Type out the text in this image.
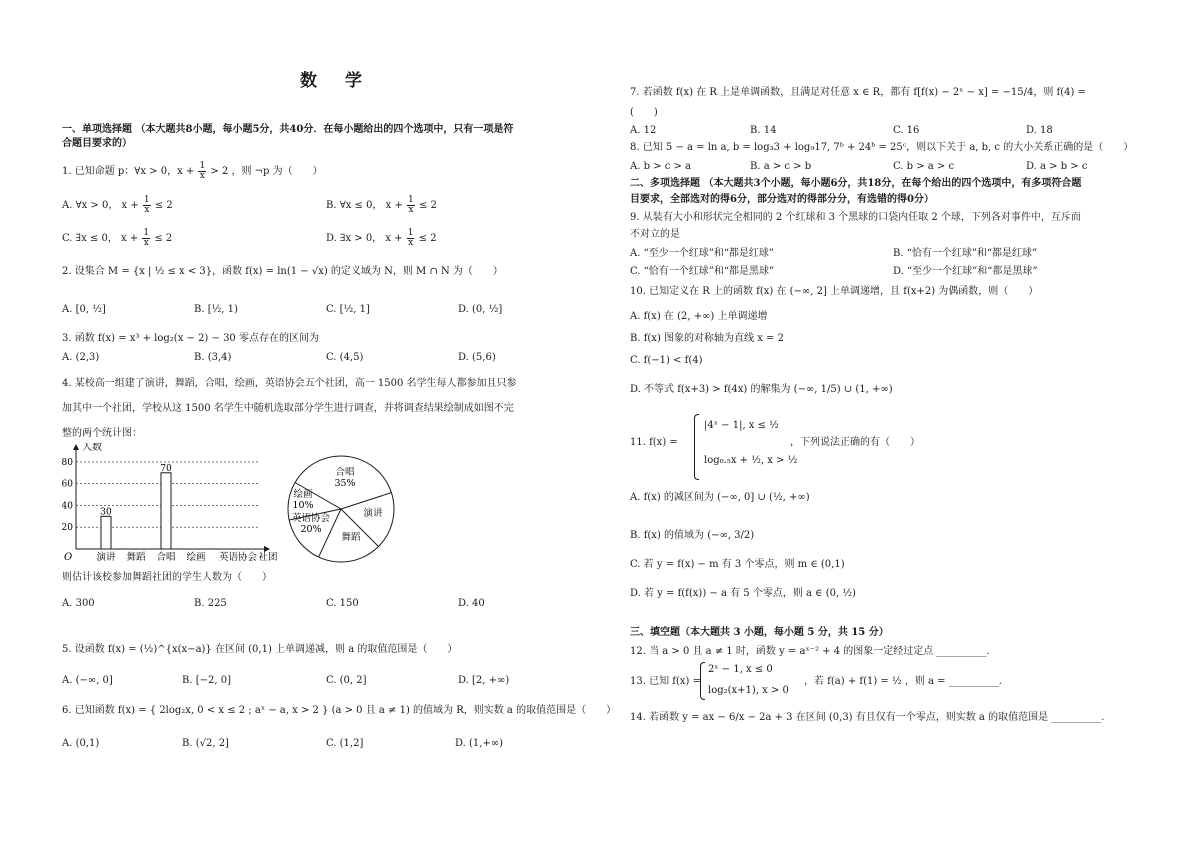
数学
一、单项选择题 （本大题共8小题，每小题5分，共40分．在每小题给出的四个选项中，只有一项是符
合题目要求的）
1. 已知命题 p：∀x > 0，$x + \frac{1}{x} > 2$ ，则 ¬p 为（　　）
A. ∀x > 0， $x + \frac{1}{x} \le 2$	B. ∀x ≤ 0， $x + \frac{1}{x} \le 2$
C. ∃x ≤ 0， $x + \frac{1}{x} \le 2$	D. ∃x > 0， $x + \frac{1}{x} \le 2$
2. 设集合 M = {x | ½ ≤ x < 3}，函数 f(x) = ln(1 − √x) 的定义域为 N，则 M ∩ N 为（　　）
A. [0, ½]	B. [½, 1)	C. [½, 1]	D. (0, ½]
3. 函数 f(x) = x³ + log₂(x − 2) − 30 零点存在的区间为
A. (2,3)	B. (3,4)	C. (4,5)	D. (5,6)
4. 某校高一组建了演讲，舞蹈，合唱，绘画，英语协会五个社团，高一 1500 名学生每人都参加且只参
加其中一个社团，学校从这 1500 名学生中随机选取部分学生进行调查，并将调查结果绘制成如图不完
整的两个统计图：
人数
O
20
40
60
80
演讲
30
舞蹈 合唱
70
绘画 英语协会 社团
合唱
35%
演讲
舞蹈
英语协会
20%
绘画
10%
则估计该校参加舞蹈社团的学生人数为（　　）
A. 300	B. 225	C. 150	D. 40
5. 设函数 f(x) = (½)^{x(x−a)} 在区间 (0,1) 上单调递减，则 a 的取值范围是（　　）
A. (−∞, 0]	B. [−2, 0]	C. (0, 2]	D. [2, +∞)
6. 已知函数 f(x) = { 2log₂x, 0 < x ≤ 2 ; aˣ − a, x > 2 } (a > 0 且 a ≠ 1) 的值域为 R，则实数 a 的取值范围是（　　）
A. (0,1)	B. (√2, 2]	C. (1,2]	D. (1,+∞)
7. 若函数 f(x) 在 R 上是单调函数，且满足对任意 x ∈ R，都有 f[f(x) − 2ˣ − x] = −15/4，则 f(4) =
(　　)
A. 12	B. 14	C. 16	D. 18
8. 已知 5 − a = ln a, b = log₃3 + log₉17, 7ᵇ + 24ᵇ = 25ᶜ，则以下关于 a, b, c 的大小关系正确的是（　　）
A. b > c > a	B. a > c > b	C. b > a > c	D. a > b > c
二、多项选择题 （本大题共3个小题，每小题6分，共18分，在每个给出的四个选项中，有多项符合题
目要求，全部选对的得6分，部分选对的得部分分，有选错的得0分）
9. 从装有大小和形状完全相同的 2 个红球和 3 个黑球的口袋内任取 2 个球，下列各对事件中，互斥而
不对立的是
A. “至少一个红球”和“都是红球”	B. “恰有一个红球”和“都是红球”
C. “恰有一个红球”和“都是黑球”	D. “至少一个红球”和“都是黑球”
10. 已知定义在 R 上的函数 f(x) 在 (−∞, 2] 上单调递增，且 f(x+2) 为偶函数，则（　　）
A. f(x) 在 (2, +∞) 上单调递增
B. f(x) 图象的对称轴为直线 x = 2
C. f(−1) < f(4)
D. 不等式 f(x+3) > f(4x) 的解集为 (−∞, 1/5) ∪ (1, +∞)
11. f(x) =
|4ˣ − 1|, x ≤ ½
log₀.₅x + ½, x > ½
，下列说法正确的有（　　）
A. f(x) 的减区间为 (−∞, 0] ∪ (½, +∞)
B. f(x) 的值域为 (−∞, 3/2)
C. 若 y = f(x) − m 有 3 个零点，则 m ∈ (0,1)
D. 若 y = f(f(x)) − a 有 5 个零点，则 a ∈ (0, ½)
三、填空题（本大题共 3 小题，每小题 5 分，共 15 分）
12. 当 a > 0 且 a ≠ 1 时，函数 y = aˣ⁻² + 4 的图象一定经过定点 __________.
13. 已知 f(x) =
2ˣ − 1, x ≤ 0
log₂(x+1), x > 0
，若 f(a) + f(1) = ½ ，则 a = __________.
14. 若函数 y = ax − 6/x − 2a + 3 在区间 (0,3) 有且仅有一个零点，则实数 a 的取值范围是 __________.
